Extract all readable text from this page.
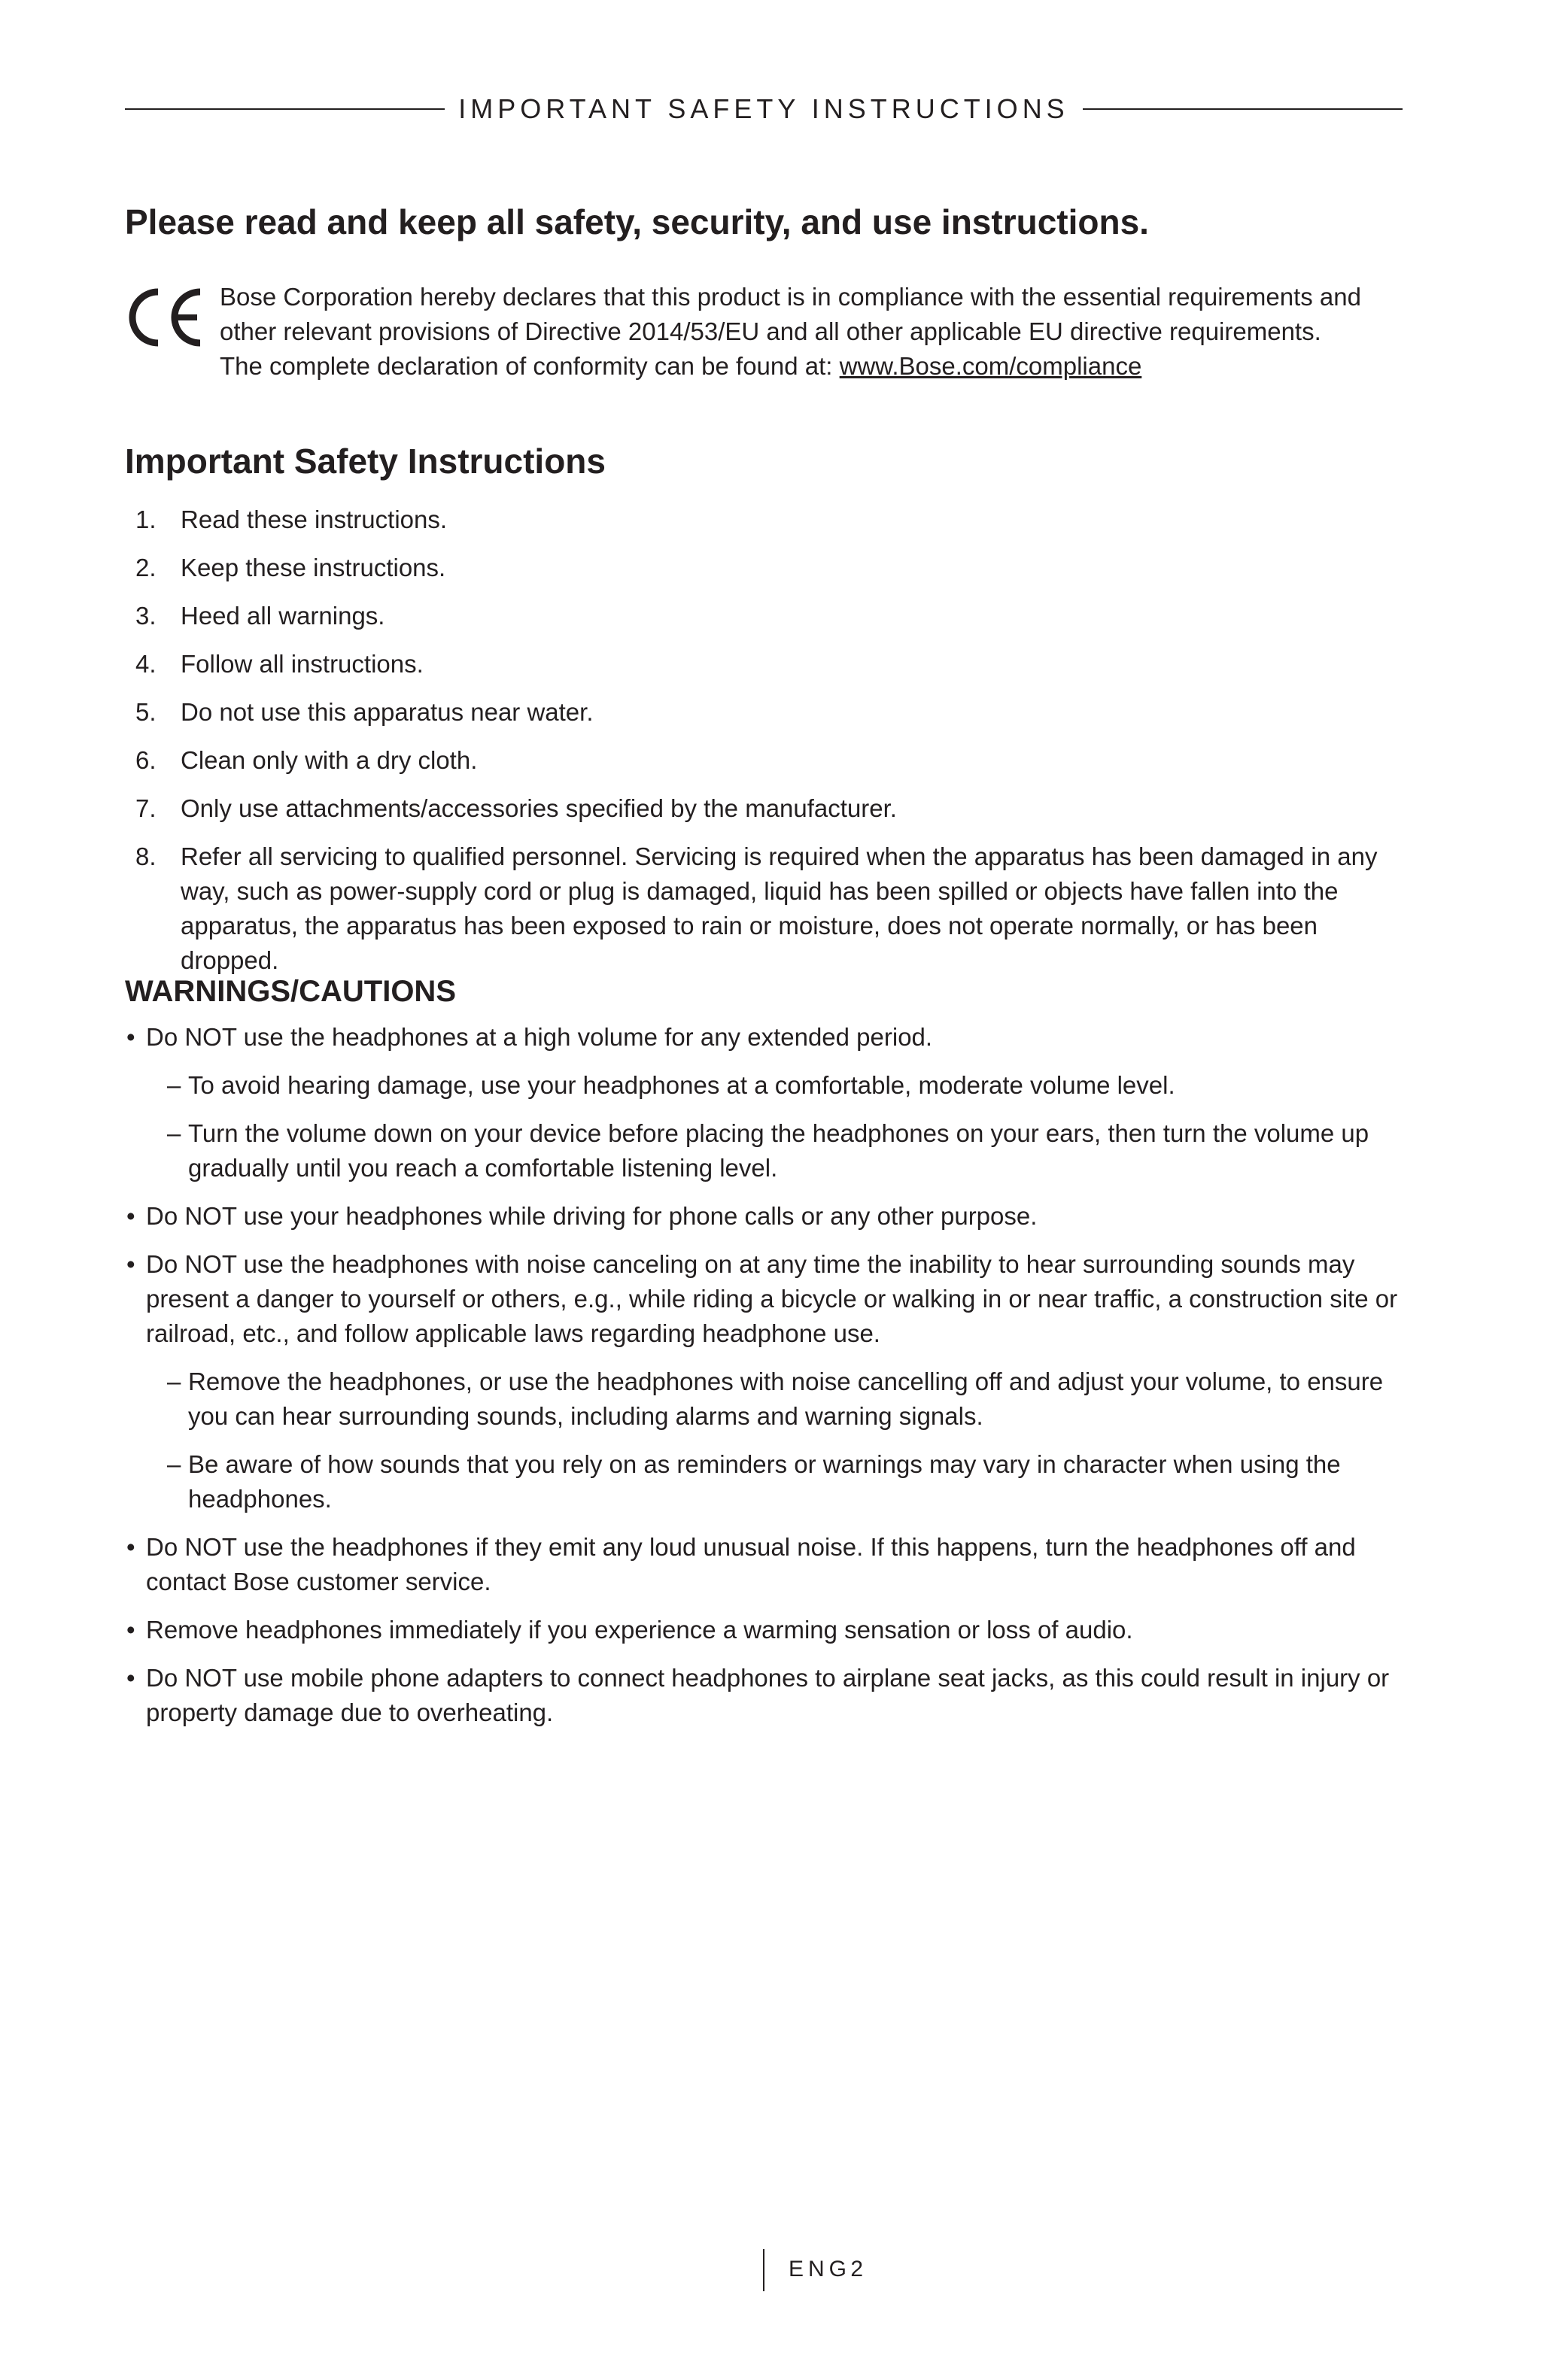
IMPORTANT SAFETY INSTRUCTIONS
Please read and keep all safety, security, and use instructions.

Bose Corporation hereby declares that this product is in compliance with the essential requirements and
other relevant provisions of Directive 2014/53/EU and all other applicable EU directive requirements.
The complete declaration of conformity can be found at: www.Bose.com/compliance

Important Safety Instructions
1. Read these instructions.
2. Keep these instructions.
3. Heed all warnings.
4. Follow all instructions.
5. Do not use this apparatus near water.
6. Clean only with a dry cloth.
7. Only use attachments/accessories specified by the manufacturer.
8. Refer all servicing to qualified personnel. Servicing is required when the apparatus has been damaged in any way, such as power-supply cord or plug is damaged, liquid has been spilled or objects have fallen into the apparatus, the apparatus has been exposed to rain or moisture, does not operate normally, or has been dropped.
WARNINGS/CAUTIONS
• Do NOT use the headphones at a high volume for any extended period.
– To avoid hearing damage, use your headphones at a comfortable, moderate volume level.
– Turn the volume down on your device before placing the headphones on your ears, then turn the volume up gradually until you reach a comfortable listening level.
• Do NOT use your headphones while driving for phone calls or any other purpose.
• Do NOT use the headphones with noise canceling on at any time the inability to hear surrounding sounds may present a danger to yourself or others, e.g., while riding a bicycle or walking in or near traffic, a construction site or railroad, etc., and follow applicable laws regarding headphone use.
– Remove the headphones, or use the headphones with noise cancelling off and adjust your volume, to ensure you can hear surrounding sounds, including alarms and warning signals.
– Be aware of how sounds that you rely on as reminders or warnings may vary in character when using the headphones.
• Do NOT use the headphones if they emit any loud unusual noise. If this happens, turn the headphones off and contact Bose customer service.
• Remove headphones immediately if you experience a warming sensation or loss of audio.
• Do NOT use mobile phone adapters to connect headphones to airplane seat jacks, as this could result in injury or property damage due to overheating.
2
ENG
